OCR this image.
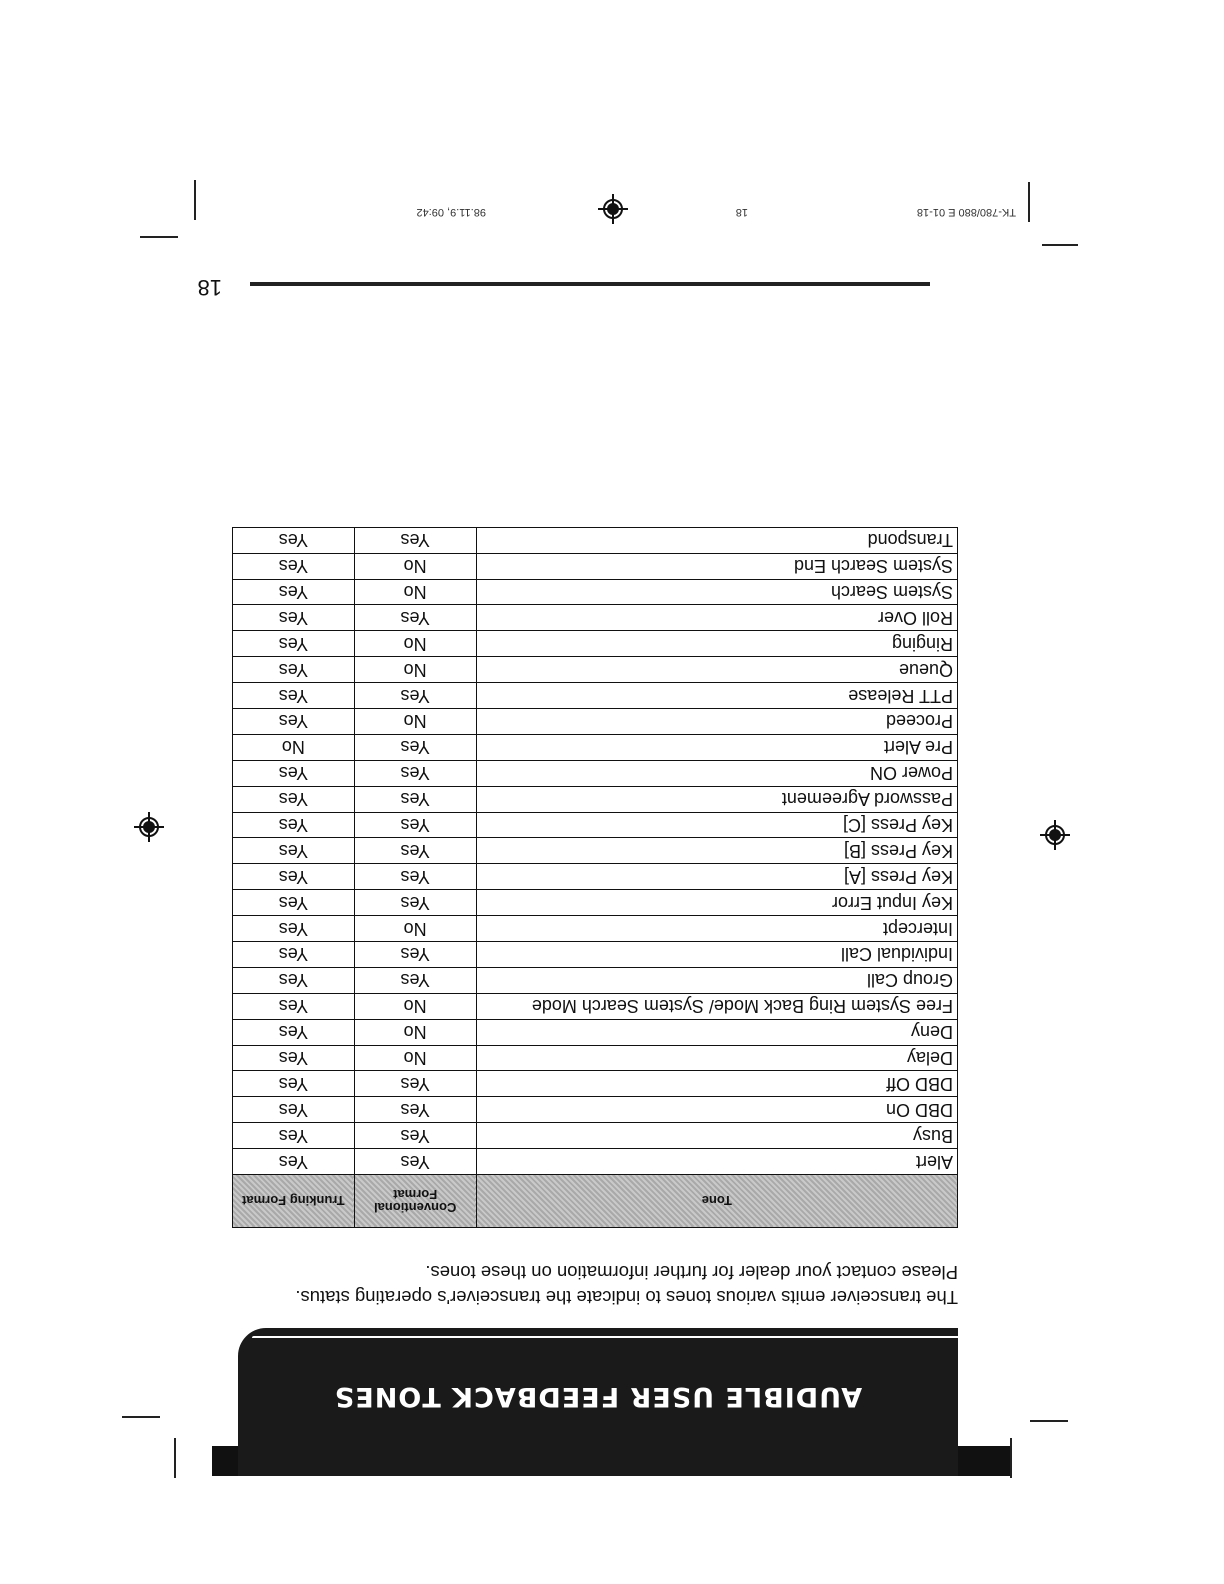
AUDIBLE USER FEEDBACK TONES
The transceiver emits various tones to indicate the transceiver's operating status.
Please contact your dealer for further information on these tones.
Tone	Conventional Format	Trunking Format
Alert	Yes	Yes
Busy	Yes	Yes
DBD On	Yes	Yes
DBD Off	Yes	Yes
Delay	No	Yes
Deny	No	Yes
Free System Ring Back Mode/ System Search Mode	No	Yes
Group Call	Yes	Yes
Individual Call	Yes	Yes
Intercept	No	Yes
Key Input Error	Yes	Yes
Key Press [A]	Yes	Yes
Key Press [B]	Yes	Yes
Key Press [C]	Yes	Yes
Password Agreement	Yes	Yes
Power ON	Yes	Yes
Pre Alert	Yes	No
Proceed	No	Yes
PTT Release	Yes	Yes
Queue	No	Yes
Ringing	No	Yes
Roll Over	Yes	Yes
System Search	No	Yes
System Search End	No	Yes
Transpond	Yes	Yes
18
TK-780/880 E 01-18
18
98.11.9, 09:42
